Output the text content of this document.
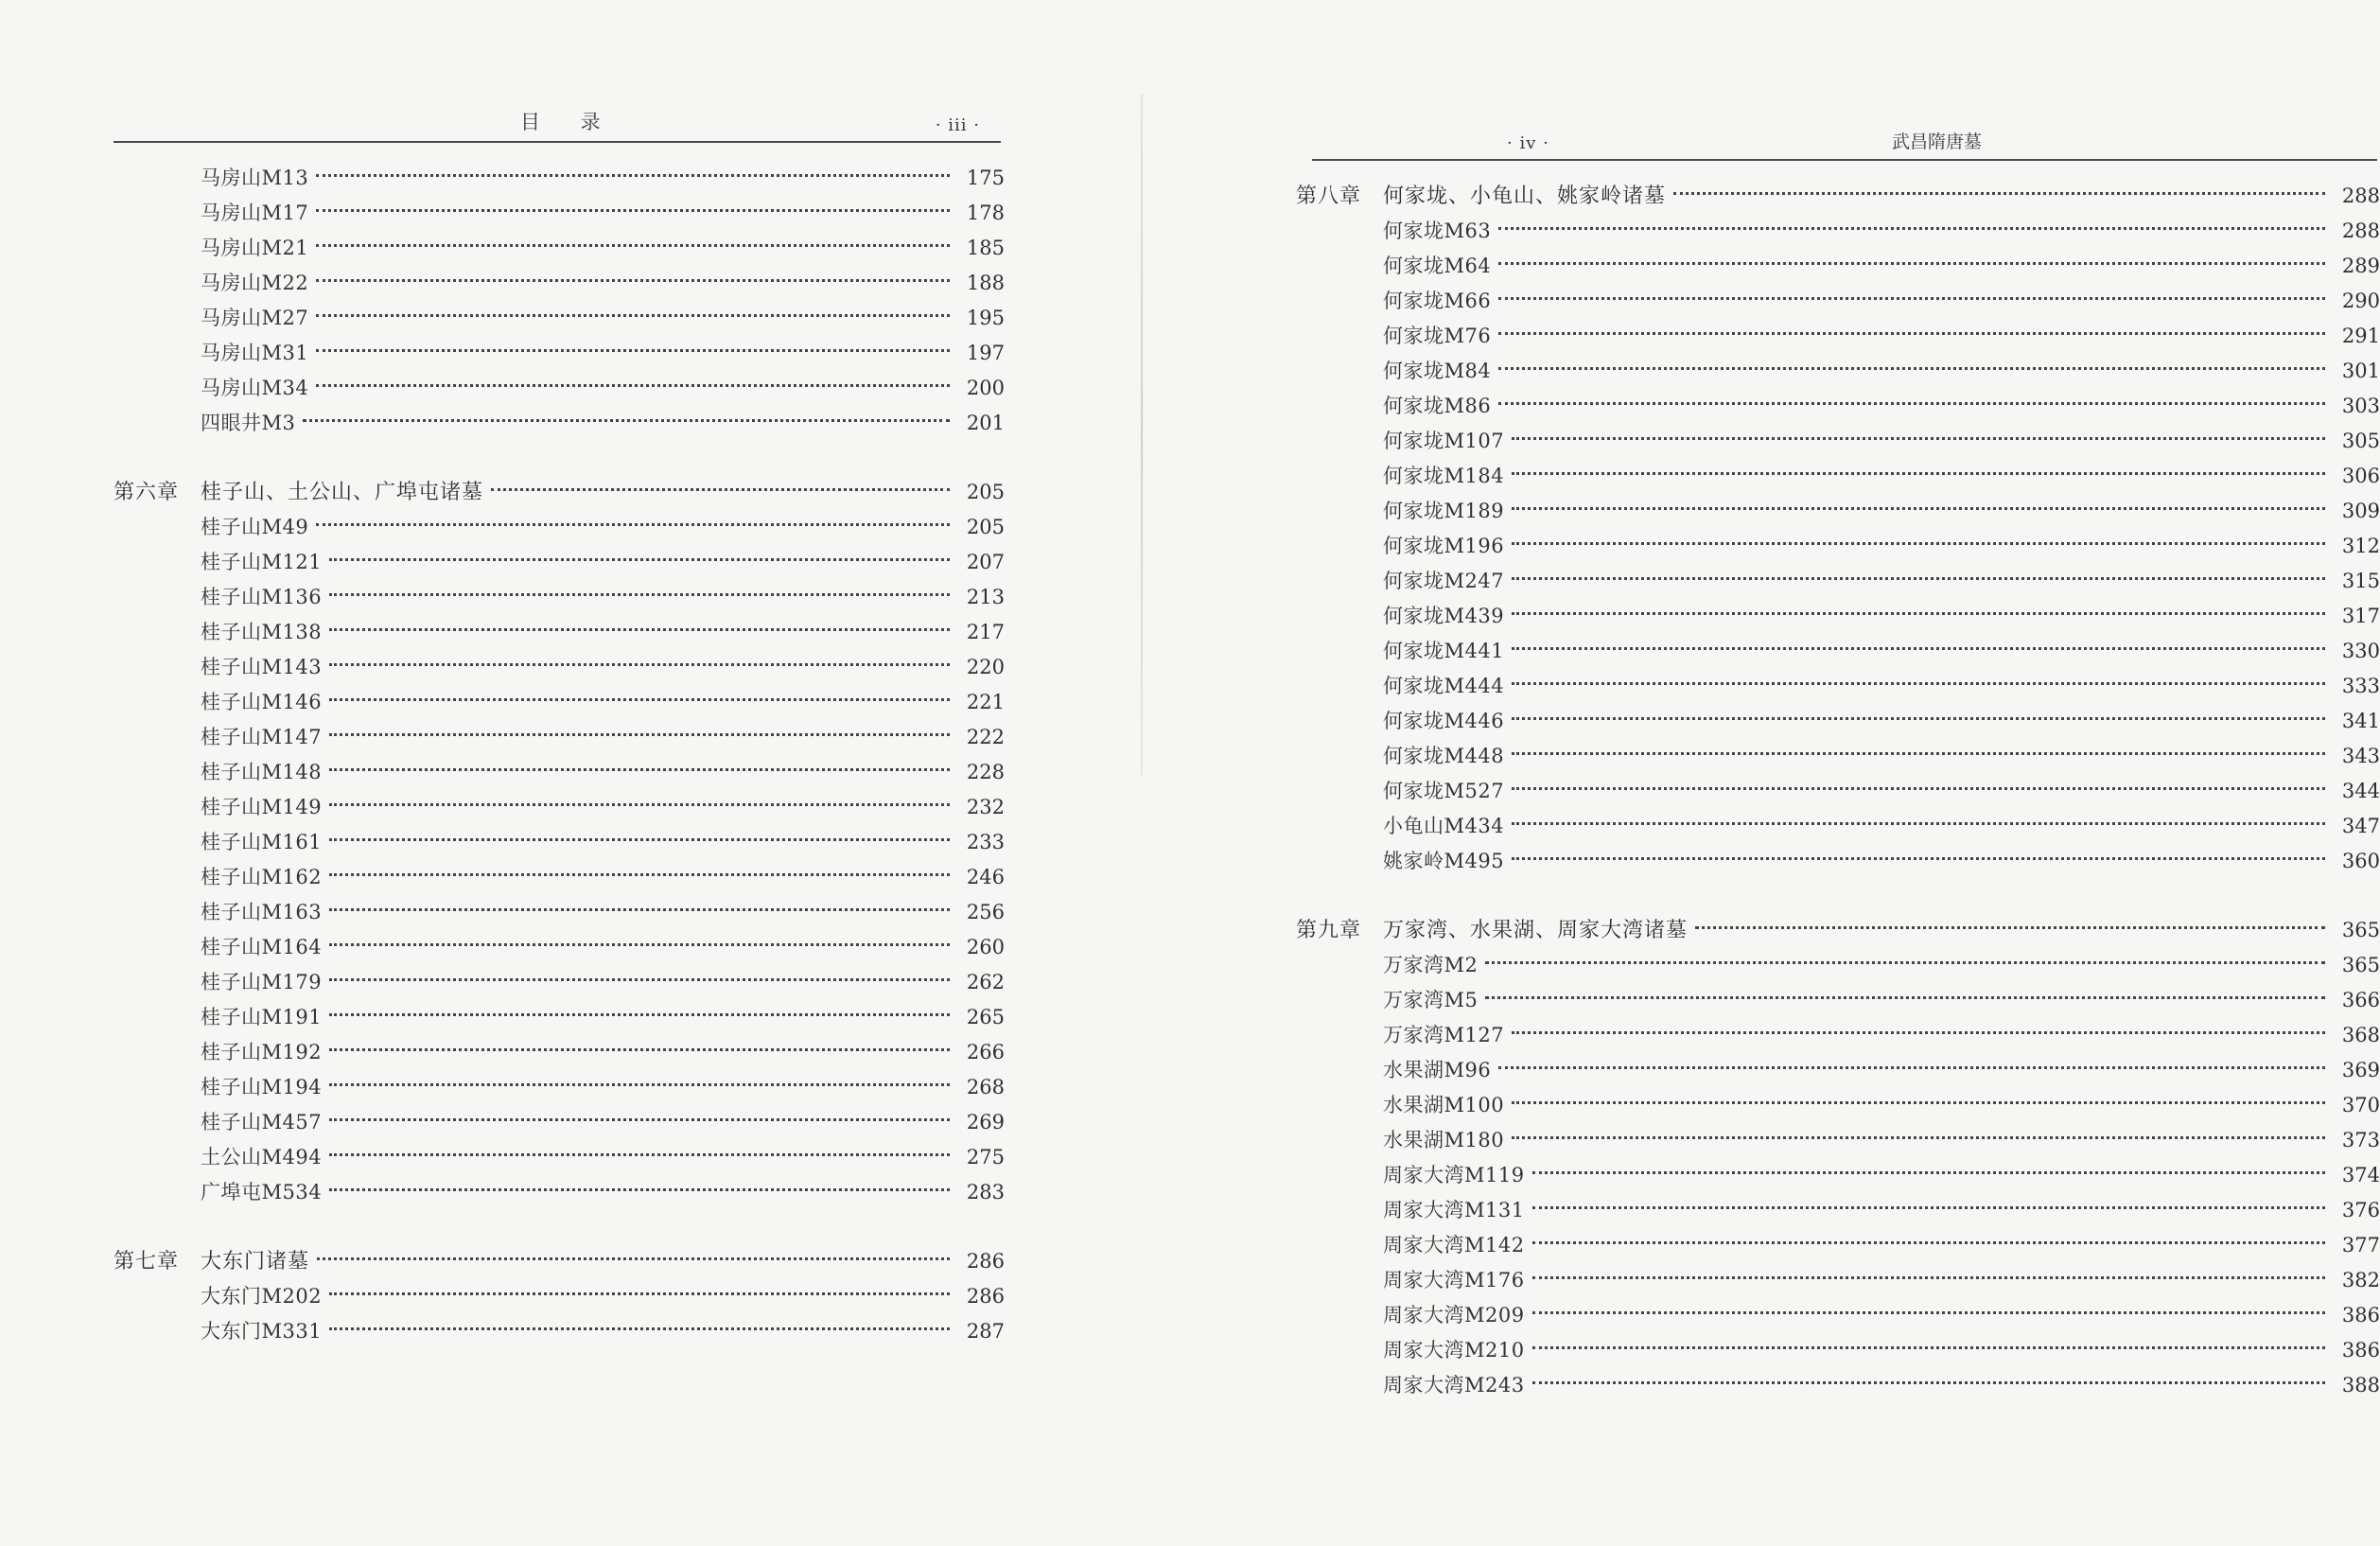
目 录	· iii ·
马房山M13	175
马房山M17	178
马房山M21	185
马房山M22	188
马房山M27	195
马房山M31	197
马房山M34	200
四眼井M3	201
第六章	桂子山、土公山、广埠屯诸墓	205
桂子山M49	205
桂子山M121	207
桂子山M136	213
桂子山M138	217
桂子山M143	220
桂子山M146	221
桂子山M147	222
桂子山M148	228
桂子山M149	232
桂子山M161	233
桂子山M162	246
桂子山M163	256
桂子山M164	260
桂子山M179	262
桂子山M191	265
桂子山M192	266
桂子山M194	268
桂子山M457	269
土公山M494	275
广埠屯M534	283
第七章	大东门诸墓	286
大东门M202	286
大东门M331	287
· iv ·	武昌隋唐墓
第八章	何家垅、小龟山、姚家岭诸墓	288
何家垅M63	288
何家垅M64	289
何家垅M66	290
何家垅M76	291
何家垅M84	301
何家垅M86	303
何家垅M107	305
何家垅M184	306
何家垅M189	309
何家垅M196	312
何家垅M247	315
何家垅M439	317
何家垅M441	330
何家垅M444	333
何家垅M446	341
何家垅M448	343
何家垅M527	344
小龟山M434	347
姚家岭M495	360
第九章	万家湾、水果湖、周家大湾诸墓	365
万家湾M2	365
万家湾M5	366
万家湾M127	368
水果湖M96	369
水果湖M100	370
水果湖M180	373
周家大湾M119	374
周家大湾M131	376
周家大湾M142	377
周家大湾M176	382
周家大湾M209	386
周家大湾M210	386
周家大湾M243	388
